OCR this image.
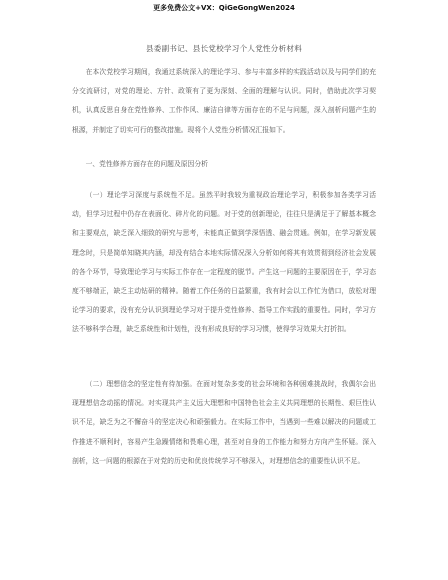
更多免费公文+VX：QiGeGongWen2024
县委副书记、县长党校学习个人党性分析材料

在本次党校学习期间，我通过系统深入的理论学习、参与丰富多样的实践活动以及与同学们的充分交流研讨，对党的理论、方针、政策有了更为深刻、全面的理解与认识。同时，借助此次学习契机，认真反思自身在党性修养、工作作风、廉洁自律等方面存在的不足与问题，深入剖析问题产生的根源，并制定了切实可行的整改措施。现将个人党性分析情况汇报如下。

一、党性修养方面存在的问题及原因分析

（一）理论学习深度与系统性不足。虽然平时我较为重视政治理论学习，积极参加各类学习活动，但学习过程中仍存在表面化、碎片化的问题。对于党的创新理论，往往只是满足于了解基本概念和主要观点，缺乏深入细致的研究与思考，未能真正做到学深悟透、融会贯通。例如，在学习新发展理念时，只是简单知晓其内涵，却没有结合本地实际情况深入分析如何将其有效贯彻到经济社会发展的各个环节，导致理论学习与实际工作存在一定程度的脱节。产生这一问题的主要原因在于，学习态度不够端正，缺乏主动钻研的精神。随着工作任务的日益繁重，我有时会以工作忙为借口，放松对理论学习的要求，没有充分认识到理论学习对于提升党性修养、指导工作实践的重要性。同时，学习方法不够科学合理，缺乏系统性和计划性，没有形成良好的学习习惯，使得学习效果大打折扣。

（二）理想信念的坚定性有待加强。在面对复杂多变的社会环境和各种困难挑战时，我偶尔会出现理想信念动摇的情况。对实现共产主义远大理想和中国特色社会主义共同理想的长期性、艰巨性认识不足，缺乏为之不懈奋斗的坚定决心和顽强毅力。在实际工作中，当遇到一些难以解决的问题或工作推进不顺利时，容易产生急躁情绪和畏难心理，甚至对自身的工作能力和努力方向产生怀疑。深入剖析，这一问题的根源在于对党的历史和优良传统学习不够深入，对理想信念的重要性认识不足。
